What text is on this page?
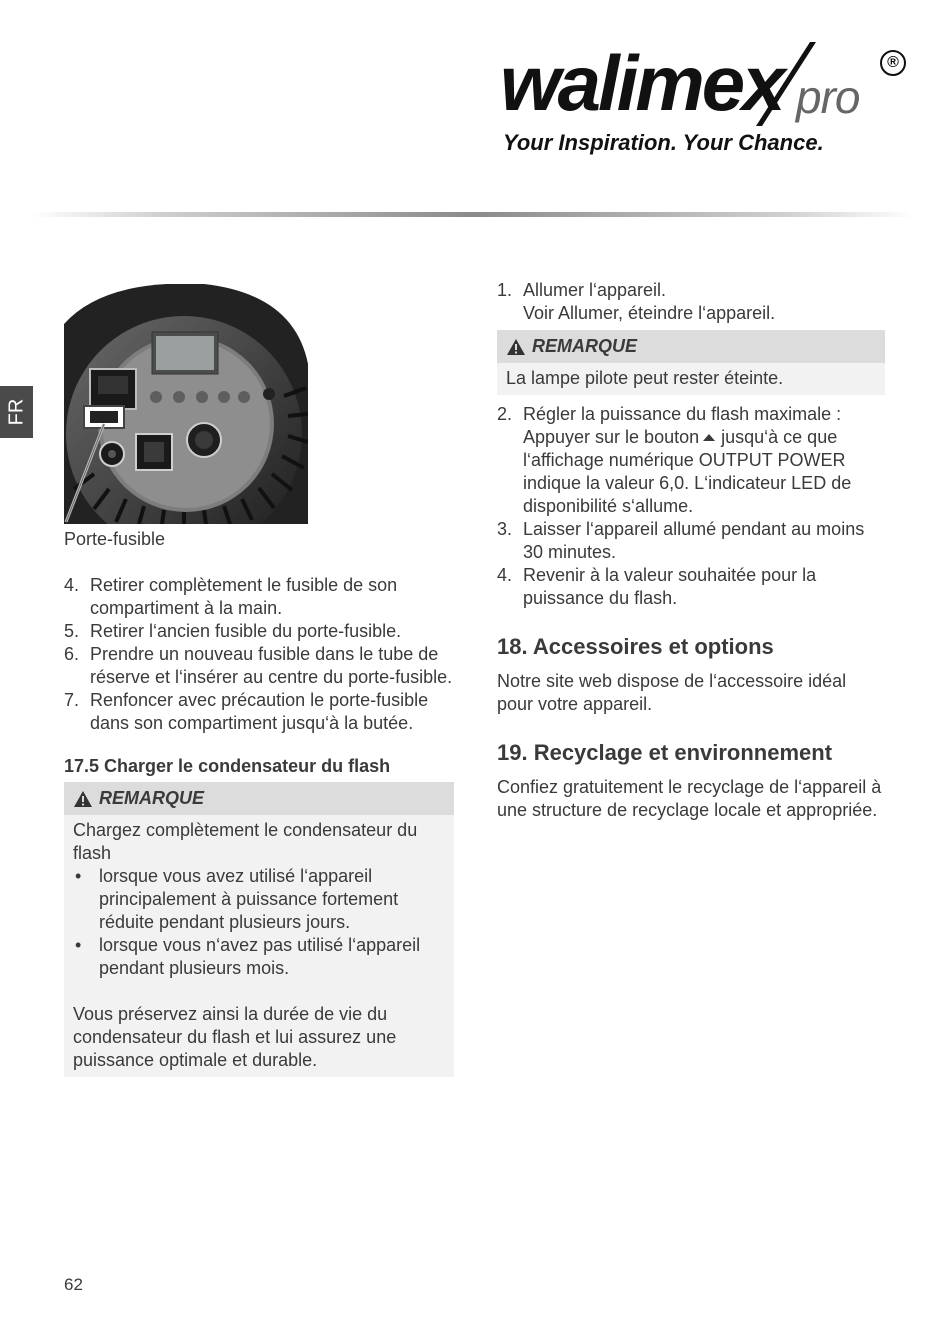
walimex pro
®
Your Inspiration. Your Chance.
FR
Porte-fusible
4. Retirer complètement le fusible de son compartiment à la main.
5. Retirer l‘ancien fusible du porte-fusible.
6. Prendre un nouveau fusible dans le tube de réserve et l‘insérer au centre du porte-fusible.
7. Renfoncer avec précaution le porte-fusible dans son compartiment jusqu‘à la butée.
17.5 Charger le condensateur du flash
REMARQUE
Chargez complètement le condensateur du flash
• lorsque vous avez utilisé l‘appareil principalement à puissance fortement réduite pendant plusieurs jours.
• lorsque vous n‘avez pas utilisé l‘appareil pendant plusieurs mois.
Vous préservez ainsi la durée de vie du condensateur du flash et lui assurez une puissance optimale et durable.
1. Allumer l‘appareil.
Voir Allumer, éteindre l‘appareil.
REMARQUE
La lampe pilote peut rester éteinte.
2. Régler la puissance du flash maximale : Appuyer sur le bouton jusqu‘à ce que l‘affichage numérique OUTPUT POWER indique la valeur 6,0. L‘indicateur LED de disponibilité s‘allume.
3. Laisser l‘appareil allumé pendant au moins 30 minutes.
4. Revenir à la valeur souhaitée pour la puissance du flash.
18. Accessoires et options
Notre site web dispose de l‘accessoire idéal pour votre appareil.
19. Recyclage et environnement
Confiez gratuitement le recyclage de l‘appareil à une structure de recyclage locale et appropriée.
62
